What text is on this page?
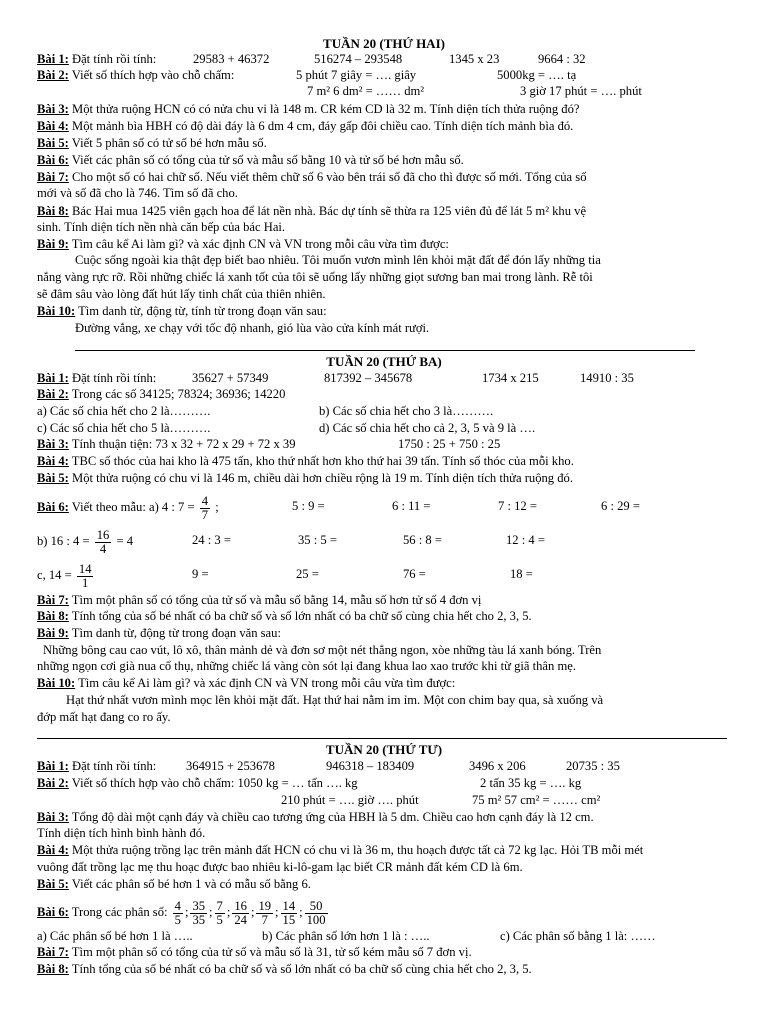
TUẦN 20 (THỨ HAI)
Bài 1: Đặt tính rồi tính:	29583 + 46372	516274 – 293548	1345 x 23	9664 : 32
Bài 2: Viết số thích hợp vào chỗ chấm:	5 phút 7 giây = …. giây	5000kg = …. tạ
7 m² 6 dm² = …… dm²	3 giờ 17 phút = …. phút
Bài 3: Một thửa ruộng HCN có có nửa chu vi là 148 m. CR kém CD là 32 m. Tính diện tích thửa ruộng đó?
Bài 4: Một mảnh bìa HBH có độ dài đáy là 6 dm 4 cm, đáy gấp đôi chiều cao. Tính diện tích mảnh bìa đó.
Bài 5: Viết 5 phân số có tử số bé hơn mẫu số.
Bài 6: Viết các phân số có tổng của tử số và mẫu số bằng 10 và tử số bé hơn mẫu số.
Bài 7: Cho một số có hai chữ số. Nếu viết thêm chữ số 6 vào bên trái số đã cho thì được số mới. Tổng của số
mới và số đã cho là 746. Tìm số đã cho.
Bài 8: Bác Hai mua 1425 viên gạch hoa để lát nền nhà. Bác dự tính sẽ thừa ra 125 viên đủ để lát 5 m² khu vệ
sinh. Tính diện tích nền nhà căn bếp của bác Hai.
Bài 9: Tìm câu kể Ai làm gì? và xác định CN và VN trong mỗi câu vừa tìm được:
Cuộc sống ngoài kia thật đẹp biết bao nhiêu. Tôi muốn vươn mình lên khỏi mặt đất để đón lấy những tia
nắng vàng rực rỡ. Rồi những chiếc lá xanh tốt của tôi sẽ uống lấy những giọt sương ban mai trong lành. Rễ tôi
sẽ đâm sâu vào lòng đất hút lấy tinh chất của thiên nhiên.
Bài 10: Tìm danh từ, động từ, tính từ trong đoạn văn sau:
Đường vắng, xe chạy với tốc độ nhanh, gió lùa vào cửa kính mát rượi.
TUẦN 20 (THỨ BA)
Bài 1: Đặt tính rồi tính:	35627 + 57349	817392 – 345678	1734 x 215	14910 : 35
Bài 2: Trong các số 34125; 78324; 36936; 14220
a) Các số chia hết cho 2 là……….	b) Các số chia hết cho 3 là……….
c) Các số chia hết cho 5 là……….	d) Các số chia hết cho cả 2, 3, 5 và 9 là ….
Bài 3: Tính thuận tiện: 73 x 32 + 72 x 29 + 72 x 39	1750 : 25 + 750 : 25
Bài 4: TBC số thóc của hai kho là 475 tấn, kho thứ nhất hơn kho thứ hai 39 tấn. Tính số thóc của mỗi kho.
Bài 5: Một thửa ruộng có chu vi là 146 m, chiều dài hơn chiều rộng là 19 m. Tính diện tích thửa ruộng đó.
Bài 6: Viết theo mẫu: a) 4 : $7 = \frac{4}{7}$ ;	5 : 9 =	6 : 11 =	7 : 12 =	6 : 29 =
b) 16 : $4 = \frac{16}{4} = 4$	24 : 3 =	35 : 5 =	56 : 8 =	12 : 4 =
c, $14 = \frac{14}{1}$	9 =	25 =	76 =	18 =
Bài 7: Tìm một phân số có tổng của tử số và mẫu số bằng 14, mẫu số hơn tử số 4 đơn vị
Bài 8: Tính tổng của số bé nhất có ba chữ số và số lớn nhất có ba chữ số cùng chia hết cho 2, 3, 5.
Bài 9: Tìm danh từ, động từ trong đoạn văn sau:
Những bông cau cao vút, lô xô, thân mảnh dẻ và đơn sơ một nét thẳng ngon, xòe những tàu lá xanh bóng. Trên
những ngọn cơi già nua cổ thụ, những chiếc lá vàng còn sót lại đang khua lao xao trước khi từ giã thân mẹ.
Bài 10: Tìm câu kể Ai làm gì? và xác định CN và VN trong mỗi câu vừa tìm được:
Hạt thứ nhất vươn mình mọc lên khỏi mặt đất. Hạt thứ hai nằm im ỉm. Một con chim bay qua, sà xuống và
đớp mất hạt đang co ro ấy.
TUẦN 20 (THỨ TƯ)
Bài 1: Đặt tính rồi tính: 364915 + 253678	946318 – 183409	3496 x 206	20735 : 35
Bài 2: Viết số thích hợp vào chỗ chấm: 1050 kg = … tấn …. kg	2 tấn 35 kg = …. kg
210 phút = …. giờ …. phút	75 m² 57 cm² = …… cm²
Bài 3: Tổng độ dài một cạnh đáy và chiều cao tương ứng của HBH là 5 dm. Chiều cao hơn cạnh đáy là 12 cm.
Tính diện tích hình bình hành đó.
Bài 4: Một thửa ruộng trồng lạc trên mảnh đất HCN có chu vi là 36 m, thu hoạch được tất cả 72 kg lạc. Hỏi TB mỗi mét
vuông đất trồng lạc mẹ thu hoạc được bao nhiêu ki-lô-gam lạc biết CR mảnh đất kém CD là 6m.
Bài 5: Viết các phân số bé hơn 1 và có mẫu số bằng 6.
Bài 6: Trong các phân số: $\frac{4}{5}$ ; $\frac{35}{35}$ ; $\frac{7}{5}$ ; $\frac{16}{24}$ ; $\frac{19}{7}$ ; $\frac{14}{15}$ ; $\frac{50}{100}$
a) Các phân số bé hơn 1 là …..	b) Các phân số lớn hơn 1 là : …..	c) Các phân số bằng 1 là: ……
Bài 7: Tìm một phân số có tổng của tử số và mẫu số là 31, tử số kém mẫu số 7 đơn vị.
Bài 8: Tính tổng của số bé nhất có ba chữ số và số lớn nhất có ba chữ số cùng chia hết cho 2, 3, 5.
